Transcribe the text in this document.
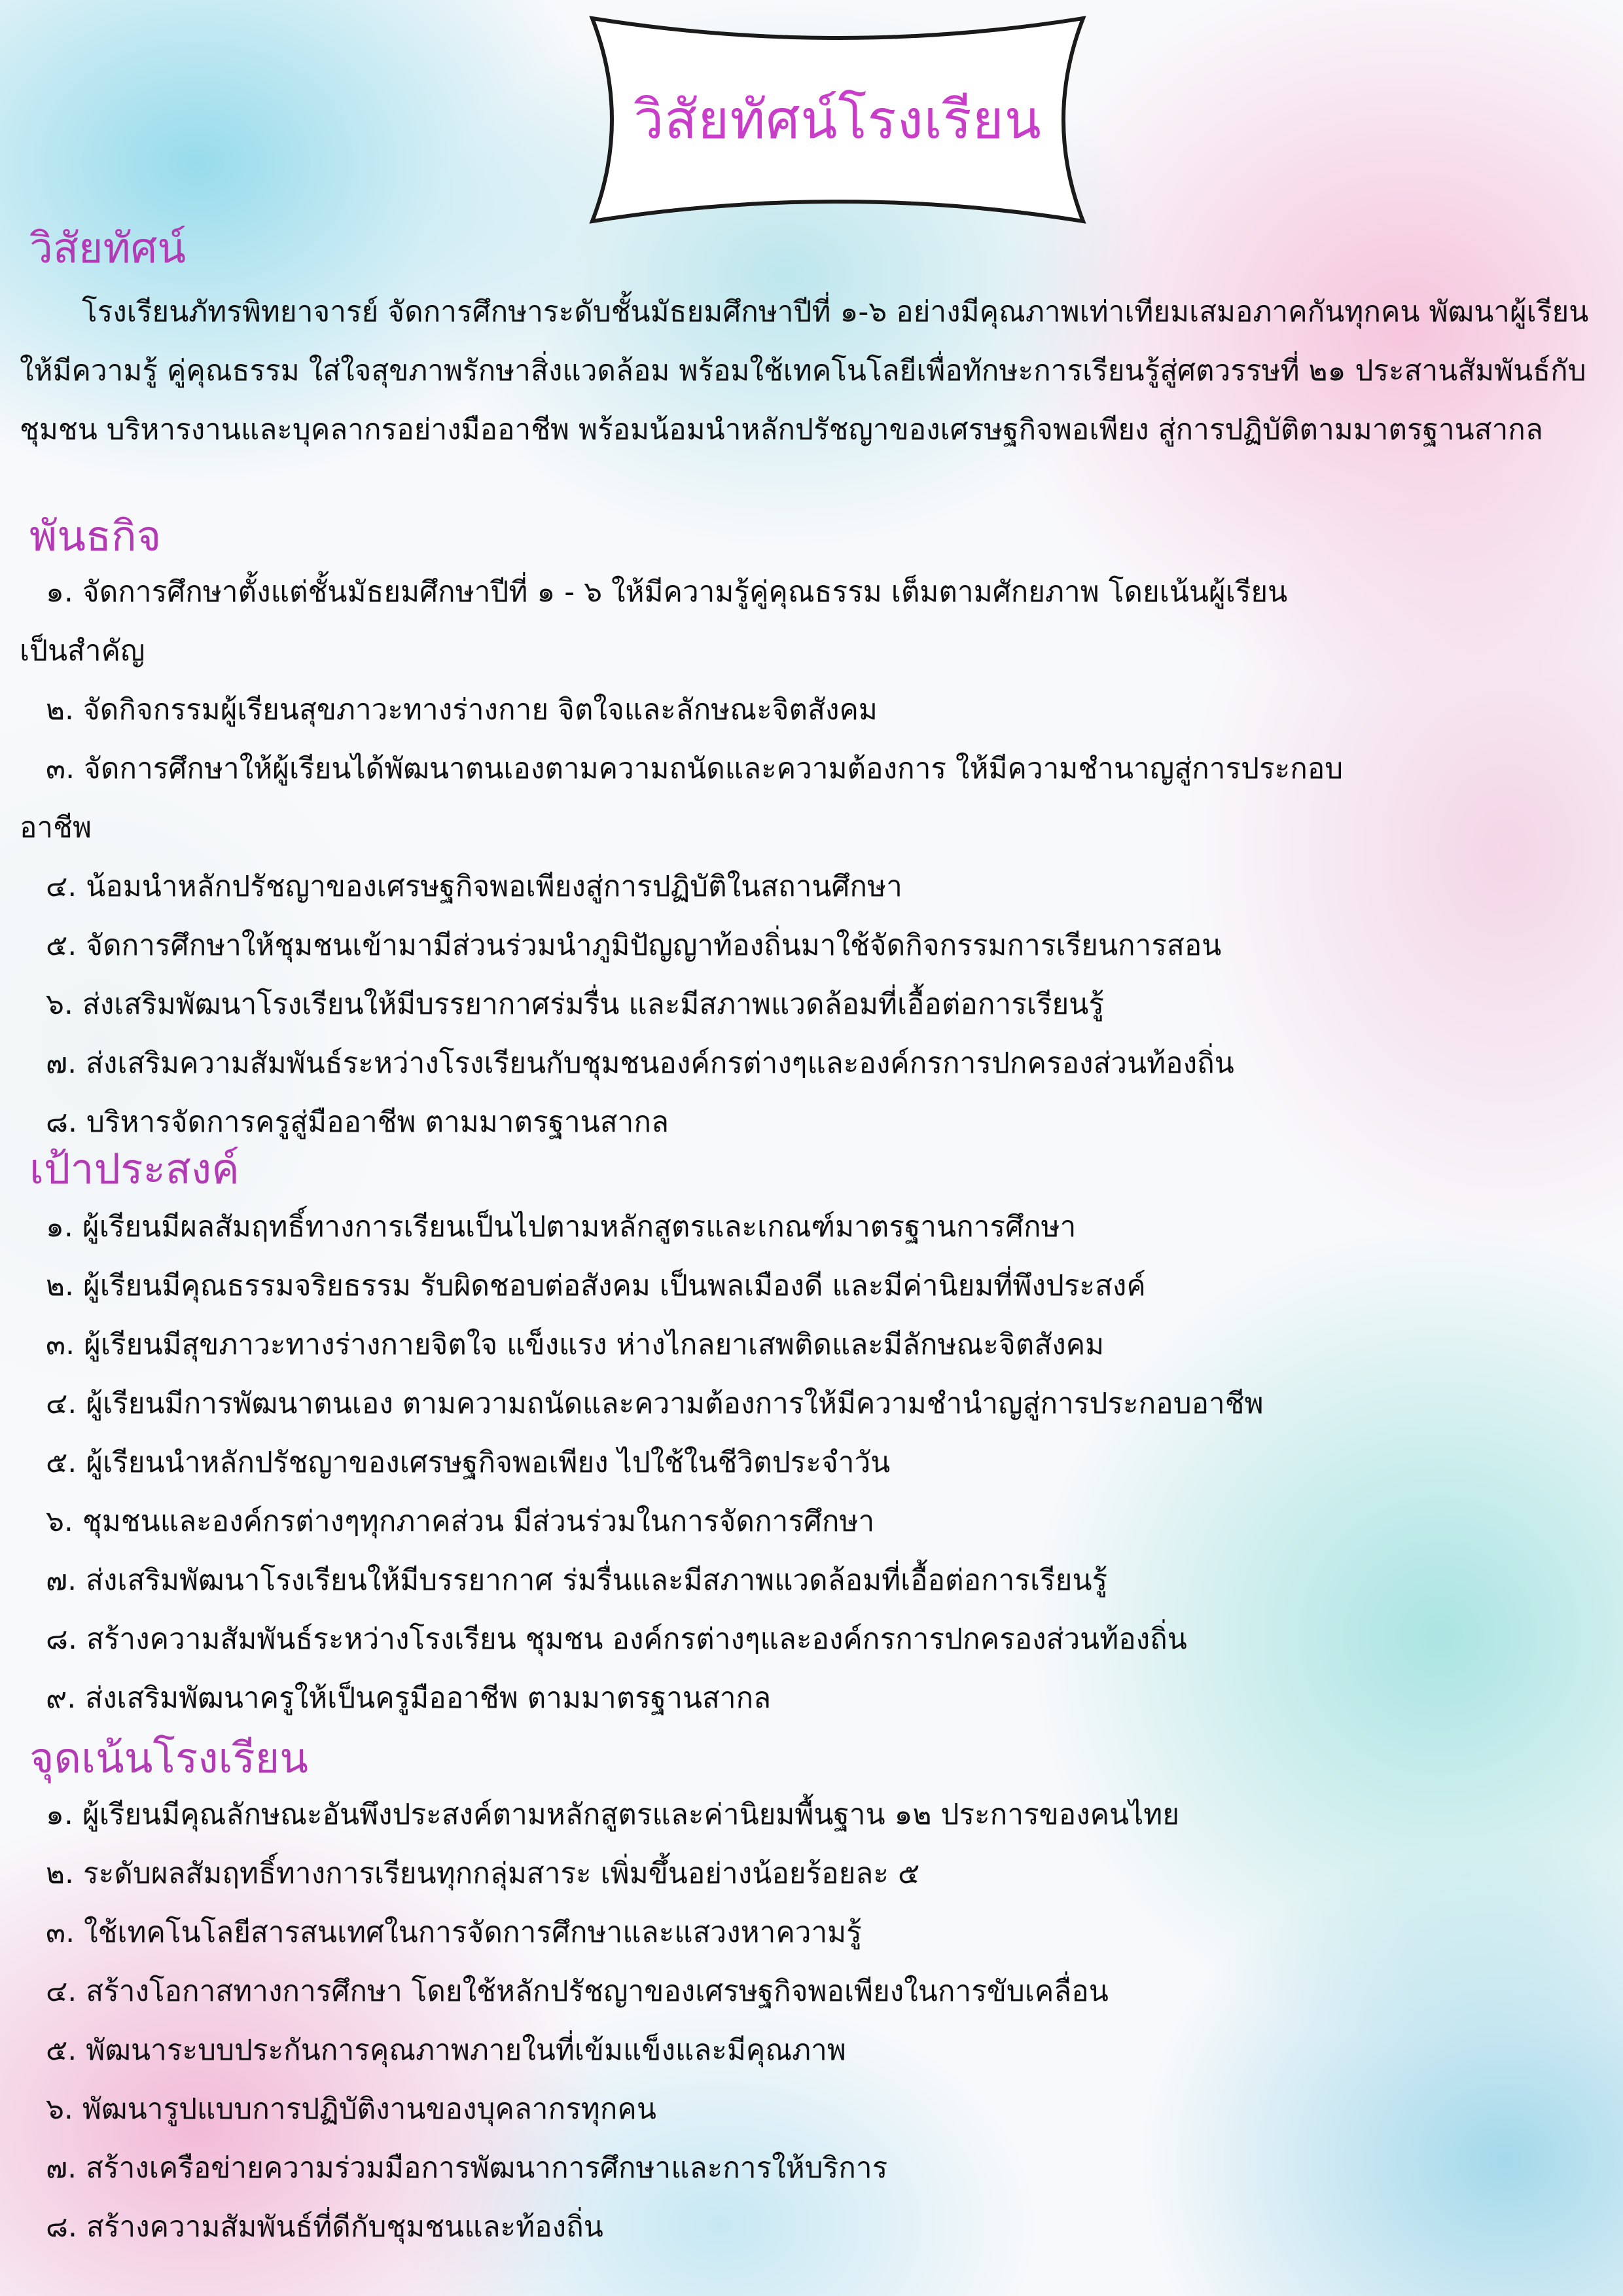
วิสัยทัศน์โรงเรียน
วิสัยทัศน์
โรงเรียนภัทรพิทยาจารย์ จัดการศึกษาระดับชั้นมัธยมศึกษาปีที่ ๑-๖ อย่างมีคุณภาพเท่าเทียมเสมอภาคกันทุกคน พัฒนาผู้เรียนให้มีความรู้ คู่คุณธรรม ใส่ใจสุขภาพรักษาสิ่งแวดล้อม พร้อมใช้เทคโนโลยีเพื่อทักษะการเรียนรู้สู่ศตวรรษที่ ๒๑ ประสานสัมพันธ์กับชุมชน บริหารงานและบุคลากรอย่างมืออาชีพ พร้อมน้อมนำหลักปรัชญาของเศรษฐกิจพอเพียง สู่การปฏิบัติตามมาตรฐานสากล
พันธกิจ
๑. จัดการศึกษาตั้งแต่ชั้นมัธยมศึกษาปีที่ ๑ - ๖ ให้มีความรู้คู่คุณธรรม เต็มตามศักยภาพ โดยเน้นผู้เรียน
เป็นสำคัญ
๒. จัดกิจกรรมผู้เรียนสุขภาวะทางร่างกาย จิตใจและลักษณะจิตสังคม
๓. จัดการศึกษาให้ผู้เรียนได้พัฒนาตนเองตามความถนัดและความต้องการ ให้มีความชำนาญสู่การประกอบ
อาชีพ
๔. น้อมนำหลักปรัชญาของเศรษฐกิจพอเพียงสู่การปฏิบัติในสถานศึกษา
๕. จัดการศึกษาให้ชุมชนเข้ามามีส่วนร่วมนำภูมิปัญญาท้องถิ่นมาใช้จัดกิจกรรมการเรียนการสอน
๖. ส่งเสริมพัฒนาโรงเรียนให้มีบรรยากาศร่มรื่น และมีสภาพแวดล้อมที่เอื้อต่อการเรียนรู้
๗. ส่งเสริมความสัมพันธ์ระหว่างโรงเรียนกับชุมชนองค์กรต่างๆและองค์กรการปกครองส่วนท้องถิ่น
๘. บริหารจัดการครูสู่มืออาชีพ ตามมาตรฐานสากล
เป้าประสงค์
๑. ผู้เรียนมีผลสัมฤทธิ์ทางการเรียนเป็นไปตามหลักสูตรและเกณฑ์มาตรฐานการศึกษา
๒. ผู้เรียนมีคุณธรรมจริยธรรม รับผิดชอบต่อสังคม เป็นพลเมืองดี และมีค่านิยมที่พึงประสงค์
๓. ผู้เรียนมีสุขภาวะทางร่างกายจิตใจ แข็งแรง ห่างไกลยาเสพติดและมีลักษณะจิตสังคม
๔. ผู้เรียนมีการพัฒนาตนเอง ตามความถนัดและความต้องการให้มีความชำนำญสู่การประกอบอาชีพ
๕. ผู้เรียนนำหลักปรัชญาของเศรษฐกิจพอเพียง ไปใช้ในชีวิตประจำวัน
๖. ชุมชนและองค์กรต่างๆทุกภาคส่วน มีส่วนร่วมในการจัดการศึกษา
๗. ส่งเสริมพัฒนาโรงเรียนให้มีบรรยากาศ ร่มรื่นและมีสภาพแวดล้อมที่เอื้อต่อการเรียนรู้
๘. สร้างความสัมพันธ์ระหว่างโรงเรียน ชุมชน องค์กรต่างๆและองค์กรการปกครองส่วนท้องถิ่น
๙. ส่งเสริมพัฒนาครูให้เป็นครูมืออาชีพ ตามมาตรฐานสากล
จุดเน้นโรงเรียน
๑. ผู้เรียนมีคุณลักษณะอันพึงประสงค์ตามหลักสูตรและค่านิยมพื้นฐาน ๑๒ ประการของคนไทย
๒. ระดับผลสัมฤทธิ์ทางการเรียนทุกกลุ่มสาระ เพิ่มขึ้นอย่างน้อยร้อยละ ๕
๓. ใช้เทคโนโลยีสารสนเทศในการจัดการศึกษาและแสวงหาความรู้
๔. สร้างโอกาสทางการศึกษา โดยใช้หลักปรัชญาของเศรษฐกิจพอเพียงในการขับเคลื่อน
๕. พัฒนาระบบประกันการคุณภาพภายในที่เข้มแข็งและมีคุณภาพ
๖. พัฒนารูปแบบการปฏิบัติงานของบุคลากรทุกคน
๗. สร้างเครือข่ายความร่วมมือการพัฒนาการศึกษาและการให้บริการ
๘. สร้างความสัมพันธ์ที่ดีกับชุมชนและท้องถิ่น
